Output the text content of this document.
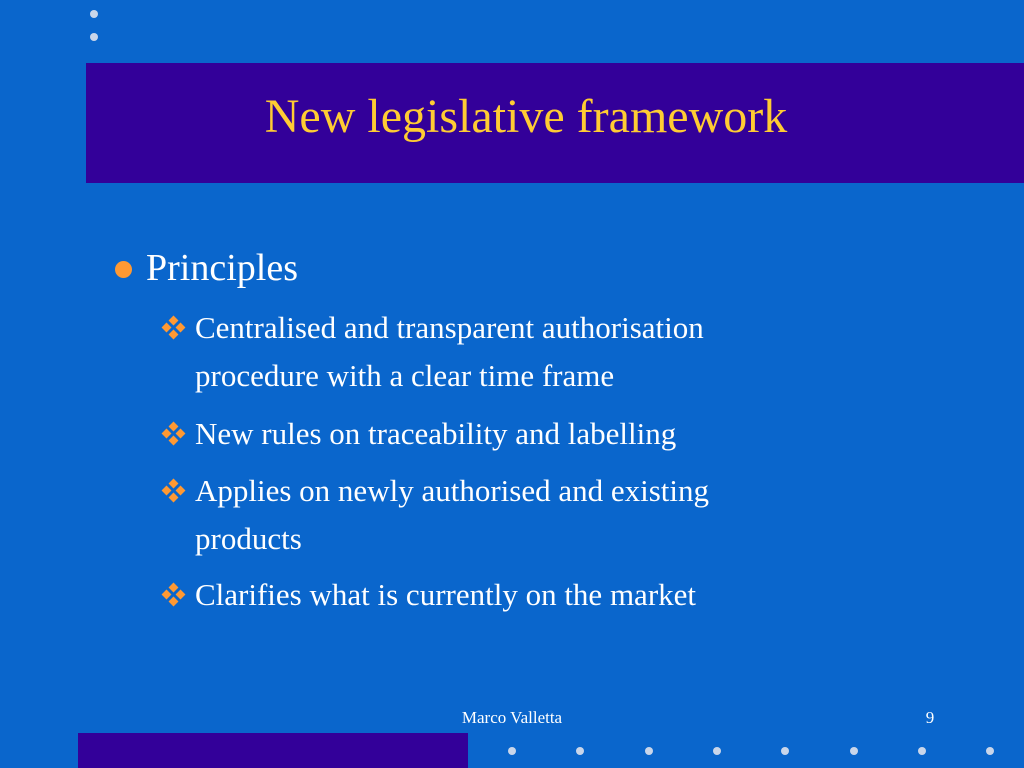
New legislative framework
Principles
Centralised and transparent authorisation
procedure with a clear time frame
New rules on traceability and labelling
Applies on newly authorised and existing
products
Clarifies what is currently on the market
Marco Valletta	9
